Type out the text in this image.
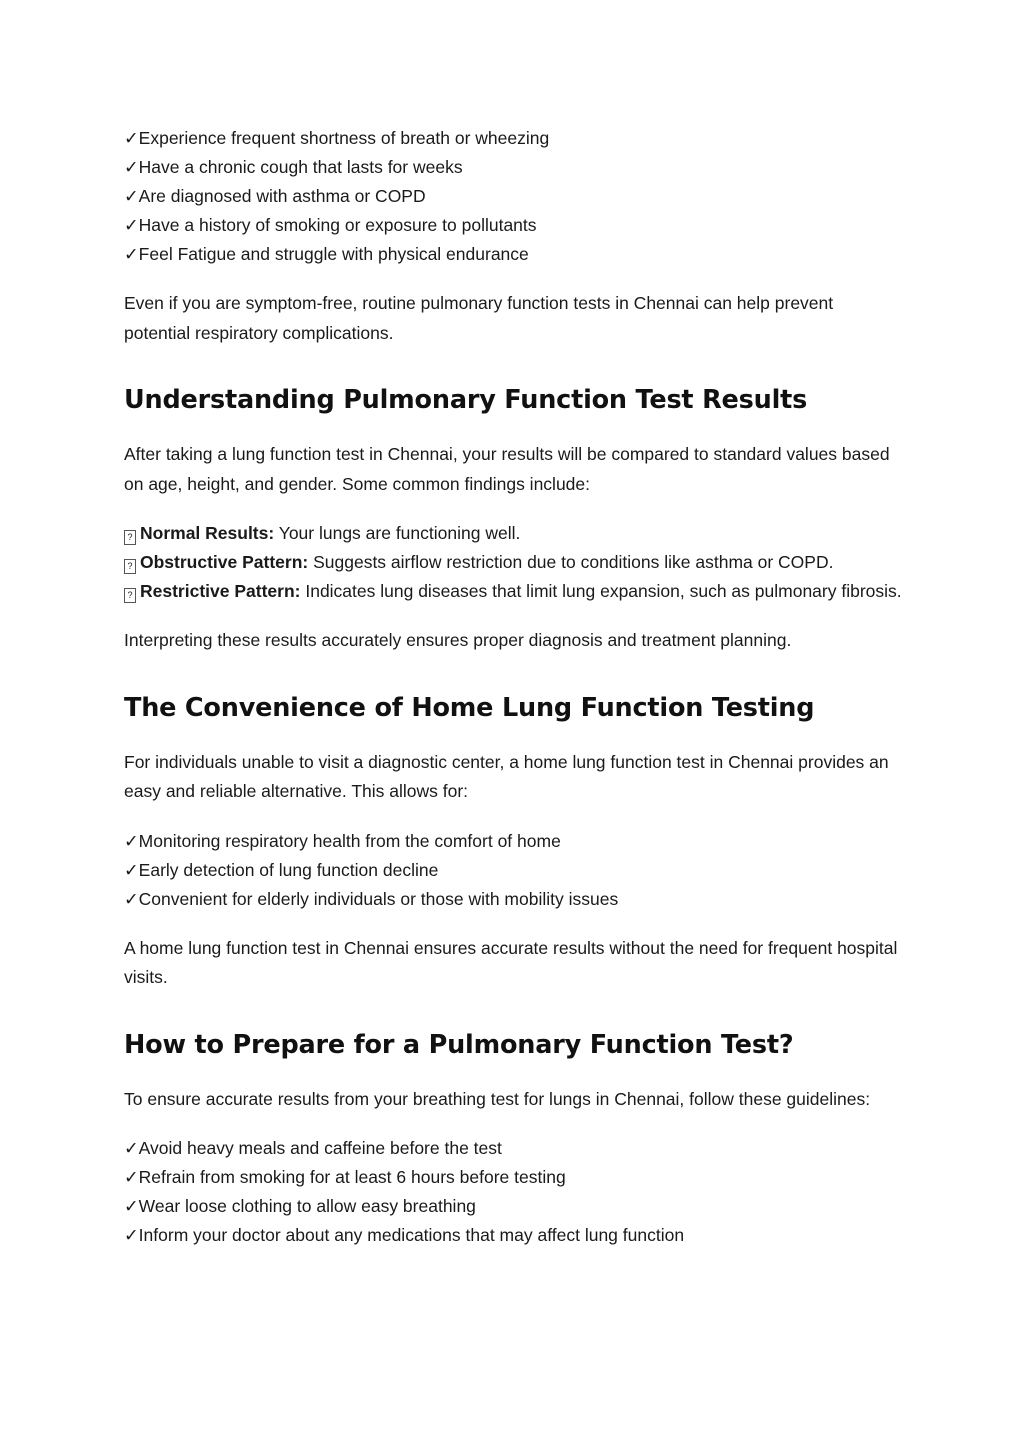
✓Experience frequent shortness of breath or wheezing
✓Have a chronic cough that lasts for weeks
✓Are diagnosed with asthma or COPD
✓Have a history of smoking or exposure to pollutants
✓Feel Fatigue and struggle with physical endurance

Even if you are symptom-free, routine pulmonary function tests in Chennai can help prevent potential respiratory complications.

Understanding Pulmonary Function Test Results

After taking a lung function test in Chennai, your results will be compared to standard values based on age, height, and gender. Some common findings include:

? Normal Results: Your lungs are functioning well.
? Obstructive Pattern: Suggests airflow restriction due to conditions like asthma or COPD.
? Restrictive Pattern: Indicates lung diseases that limit lung expansion, such as pulmonary fibrosis.

Interpreting these results accurately ensures proper diagnosis and treatment planning.

The Convenience of Home Lung Function Testing

For individuals unable to visit a diagnostic center, a home lung function test in Chennai provides an easy and reliable alternative. This allows for:

✓Monitoring respiratory health from the comfort of home
✓Early detection of lung function decline
✓Convenient for elderly individuals or those with mobility issues

A home lung function test in Chennai ensures accurate results without the need for frequent hospital visits.

How to Prepare for a Pulmonary Function Test?

To ensure accurate results from your breathing test for lungs in Chennai, follow these guidelines:

✓Avoid heavy meals and caffeine before the test
✓Refrain from smoking for at least 6 hours before testing
✓Wear loose clothing to allow easy breathing
✓Inform your doctor about any medications that may affect lung function
